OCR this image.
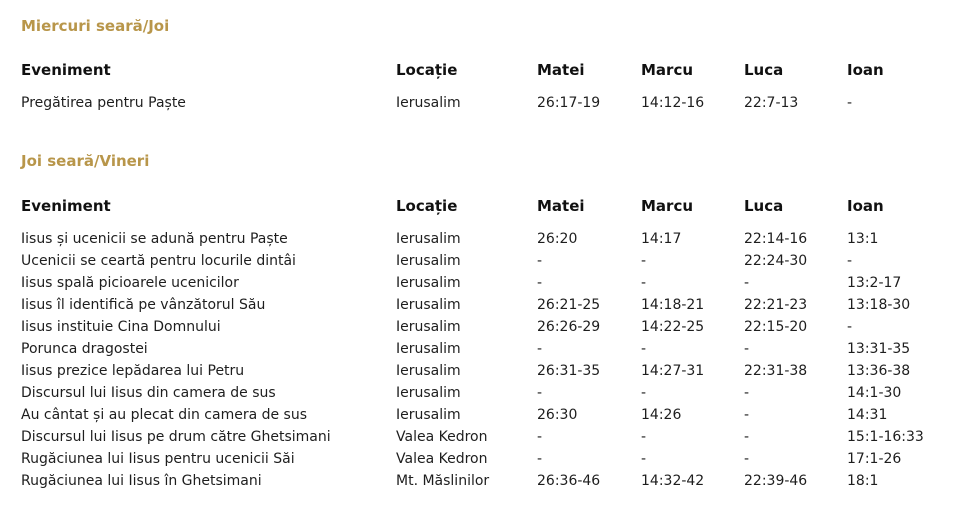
Miercuri seară/Joi
Eveniment	Locație	Matei	Marcu	Luca	Ioan
Pregătirea pentru Paște	Ierusalim	26:17-19	14:12-16	22:7-13	-
Joi seară/Vineri
Eveniment	Locație	Matei	Marcu	Luca	Ioan
Iisus și ucenicii se adună pentru Paște	Ierusalim	26:20	14:17	22:14-16	13:1
Ucenicii se ceartă pentru locurile dintâi	Ierusalim	-	-	22:24-30	-
Iisus spală picioarele ucenicilor	Ierusalim	-	-	-	13:2-17
Iisus îl identifică pe vânzătorul Său	Ierusalim	26:21-25	14:18-21	22:21-23	13:18-30
Iisus instituie Cina Domnului	Ierusalim	26:26-29	14:22-25	22:15-20	-
Porunca dragostei	Ierusalim	-	-	-	13:31-35
Iisus prezice lepădarea lui Petru	Ierusalim	26:31-35	14:27-31	22:31-38	13:36-38
Discursul lui Iisus din camera de sus	Ierusalim	-	-	-	14:1-30
Au cântat și au plecat din camera de sus	Ierusalim	26:30	14:26	-	14:31
Discursul lui Iisus pe drum către Ghetsimani	Valea Kedron	-	-	-	15:1-16:33
Rugăciunea lui Iisus pentru ucenicii Săi	Valea Kedron	-	-	-	17:1-26
Rugăciunea lui Iisus în Ghetsimani	Mt. Măslinilor	26:36-46	14:32-42	22:39-46	18:1
